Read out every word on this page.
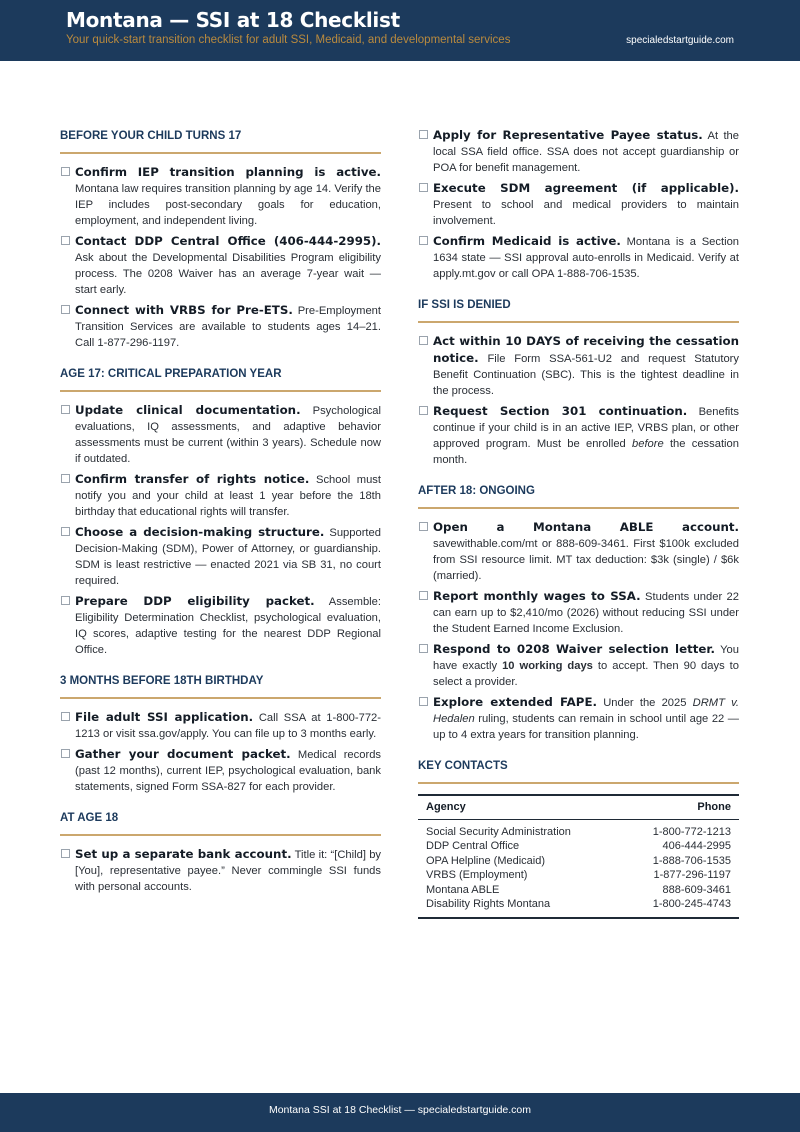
Montana — SSI at 18 Checklist
Your quick-start transition checklist for adult SSI, Medicaid, and developmental services	specialedstartguide.com
BEFORE YOUR CHILD TURNS 17
Confirm IEP transition planning is active. Montana law requires transition planning by age 14. Verify the IEP includes post-secondary goals for education, employment, and independent living.
Contact DDP Central Office (406-444-2995). Ask about the Developmental Disabilities Program eligibility process. The 0208 Waiver has an average 7-year wait — start early.
Connect with VRBS for Pre-ETS. Pre-Employment Transition Services are available to students ages 14–21. Call 1-877-296-1197.
AGE 17: CRITICAL PREPARATION YEAR
Update clinical documentation. Psychological evaluations, IQ assessments, and adaptive behavior assessments must be current (within 3 years). Schedule now if outdated.
Confirm transfer of rights notice. School must notify you and your child at least 1 year before the 18th birthday that educational rights will transfer.
Choose a decision-making structure. Supported Decision-Making (SDM), Power of Attorney, or guardianship. SDM is least restrictive — enacted 2021 via SB 31, no court required.
Prepare DDP eligibility packet. Assemble: Eligibility Determination Checklist, psychological evaluation, IQ scores, adaptive testing for the nearest DDP Regional Office.
3 MONTHS BEFORE 18TH BIRTHDAY
File adult SSI application. Call SSA at 1-800-772-1213 or visit ssa.gov/apply. You can file up to 3 months early.
Gather your document packet. Medical records (past 12 months), current IEP, psychological evaluation, bank statements, signed Form SSA-827 for each provider.
AT AGE 18
Set up a separate bank account. Title it: “[Child] by [You], representative payee.” Never commingle SSI funds with personal accounts.
Apply for Representative Payee status. At the local SSA field office. SSA does not accept guardianship or POA for benefit management.
Execute SDM agreement (if applicable). Present to school and medical providers to maintain involvement.
Confirm Medicaid is active. Montana is a Section 1634 state — SSI approval auto-enrolls in Medicaid. Verify at apply.mt.gov or call OPA 1-888-706-1535.
IF SSI IS DENIED
Act within 10 DAYS of receiving the cessation notice. File Form SSA-561-U2 and request Statutory Benefit Continuation (SBC). This is the tightest deadline in the process.
Request Section 301 continuation. Benefits continue if your child is in an active IEP, VRBS plan, or other approved program. Must be enrolled before the cessation month.
AFTER 18: ONGOING
Open a Montana ABLE account. savewithable.com/mt or 888-609-3461. First $100k excluded from SSI resource limit. MT tax deduction: $3k (single) / $6k (married).
Report monthly wages to SSA. Students under 22 can earn up to $2,410/mo (2026) without reducing SSI under the Student Earned Income Exclusion.
Respond to 0208 Waiver selection letter. You have exactly 10 working days to accept. Then 90 days to select a provider.
Explore extended FAPE. Under the 2025 DRMT v. Hedalen ruling, students can remain in school until age 22 — up to 4 extra years for transition planning.
KEY CONTACTS
Agency	Phone
Social Security Administration	1-800-772-1213
DDP Central Office	406-444-2995
OPA Helpline (Medicaid)	1-888-706-1535
VRBS (Employment)	1-877-296-1197
Montana ABLE	888-609-3461
Disability Rights Montana	1-800-245-4743
Montana SSI at 18 Checklist — specialedstartguide.com
